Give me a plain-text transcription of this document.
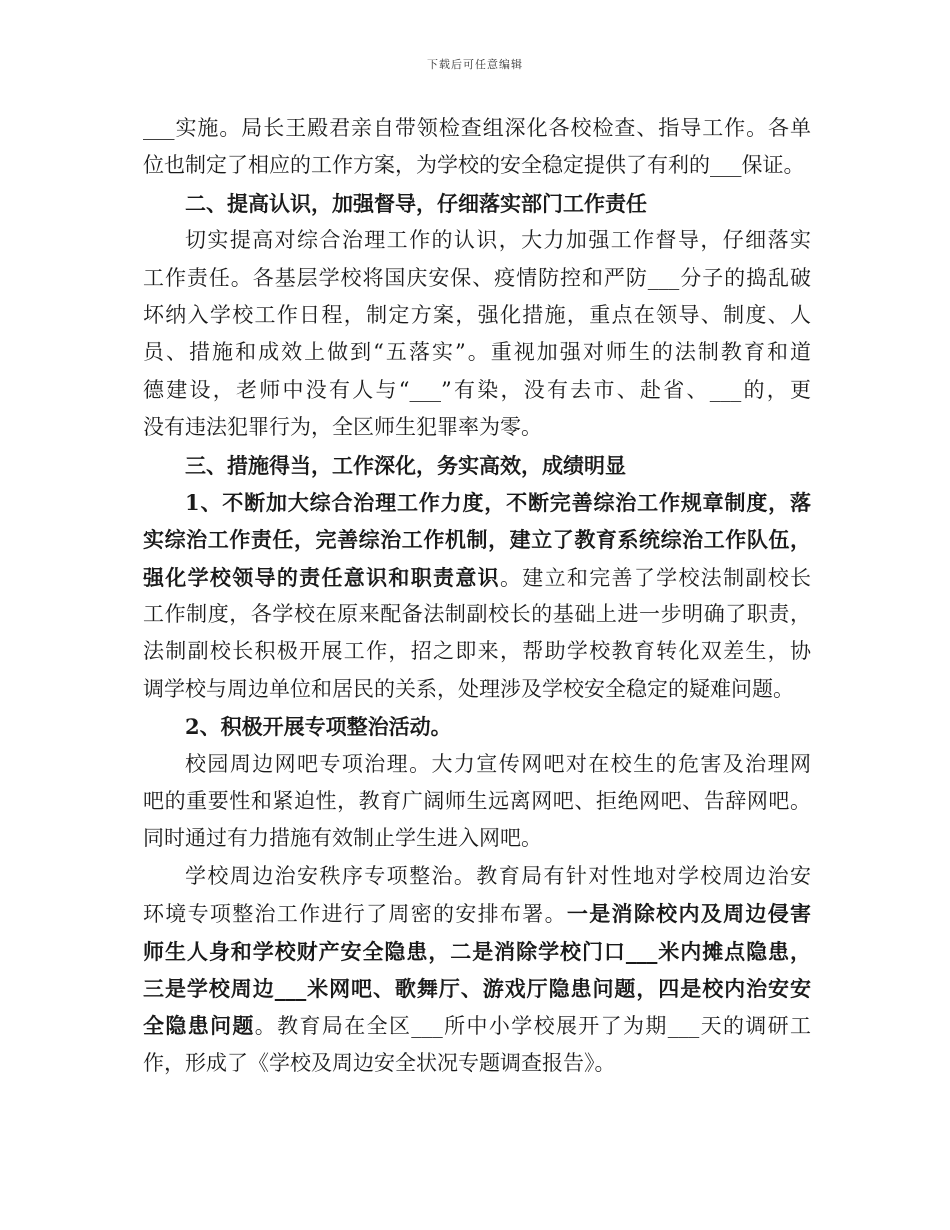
下载后可任意编辑
___实施。局长王殿君亲自带领检查组深化各校检查、指导工作。各单
位也制定了相应的工作方案，为学校的安全稳定提供了有利的___保证。
二、提高认识，加强督导，仔细落实部门工作责任
切实提高对综合治理工作的认识，大力加强工作督导，仔细落实
工作责任。各基层学校将国庆安保、疫情防控和严防___分子的捣乱破
坏纳入学校工作日程，制定方案，强化措施，重点在领导、制度、人
员、措施和成效上做到“五落实”。重视加强对师生的法制教育和道
德建设，老师中没有人与“___”有染，没有去市、赴省、___的，更
没有违法犯罪行为，全区师生犯罪率为零。
三、措施得当，工作深化，务实高效，成绩明显
1、不断加大综合治理工作力度，不断完善综治工作规章制度，落
实综治工作责任，完善综治工作机制，建立了教育系统综治工作队伍，
强化学校领导的责任意识和职责意识。建立和完善了学校法制副校长
工作制度，各学校在原来配备法制副校长的基础上进一步明确了职责，
法制副校长积极开展工作，招之即来，帮助学校教育转化双差生，协
调学校与周边单位和居民的关系，处理涉及学校安全稳定的疑难问题。
2、积极开展专项整治活动。
校园周边网吧专项治理。大力宣传网吧对在校生的危害及治理网
吧的重要性和紧迫性，教育广阔师生远离网吧、拒绝网吧、告辞网吧。
同时通过有力措施有效制止学生进入网吧。
学校周边治安秩序专项整治。教育局有针对性地对学校周边治安
环境专项整治工作进行了周密的安排布署。一是消除校内及周边侵害
师生人身和学校财产安全隐患，二是消除学校门口___米内摊点隐患，
三是学校周边___米网吧、歌舞厅、游戏厅隐患问题，四是校内治安安
全隐患问题。教育局在全区___所中小学校展开了为期___天的调研工
作，形成了《学校及周边安全状况专题调查报告》。
